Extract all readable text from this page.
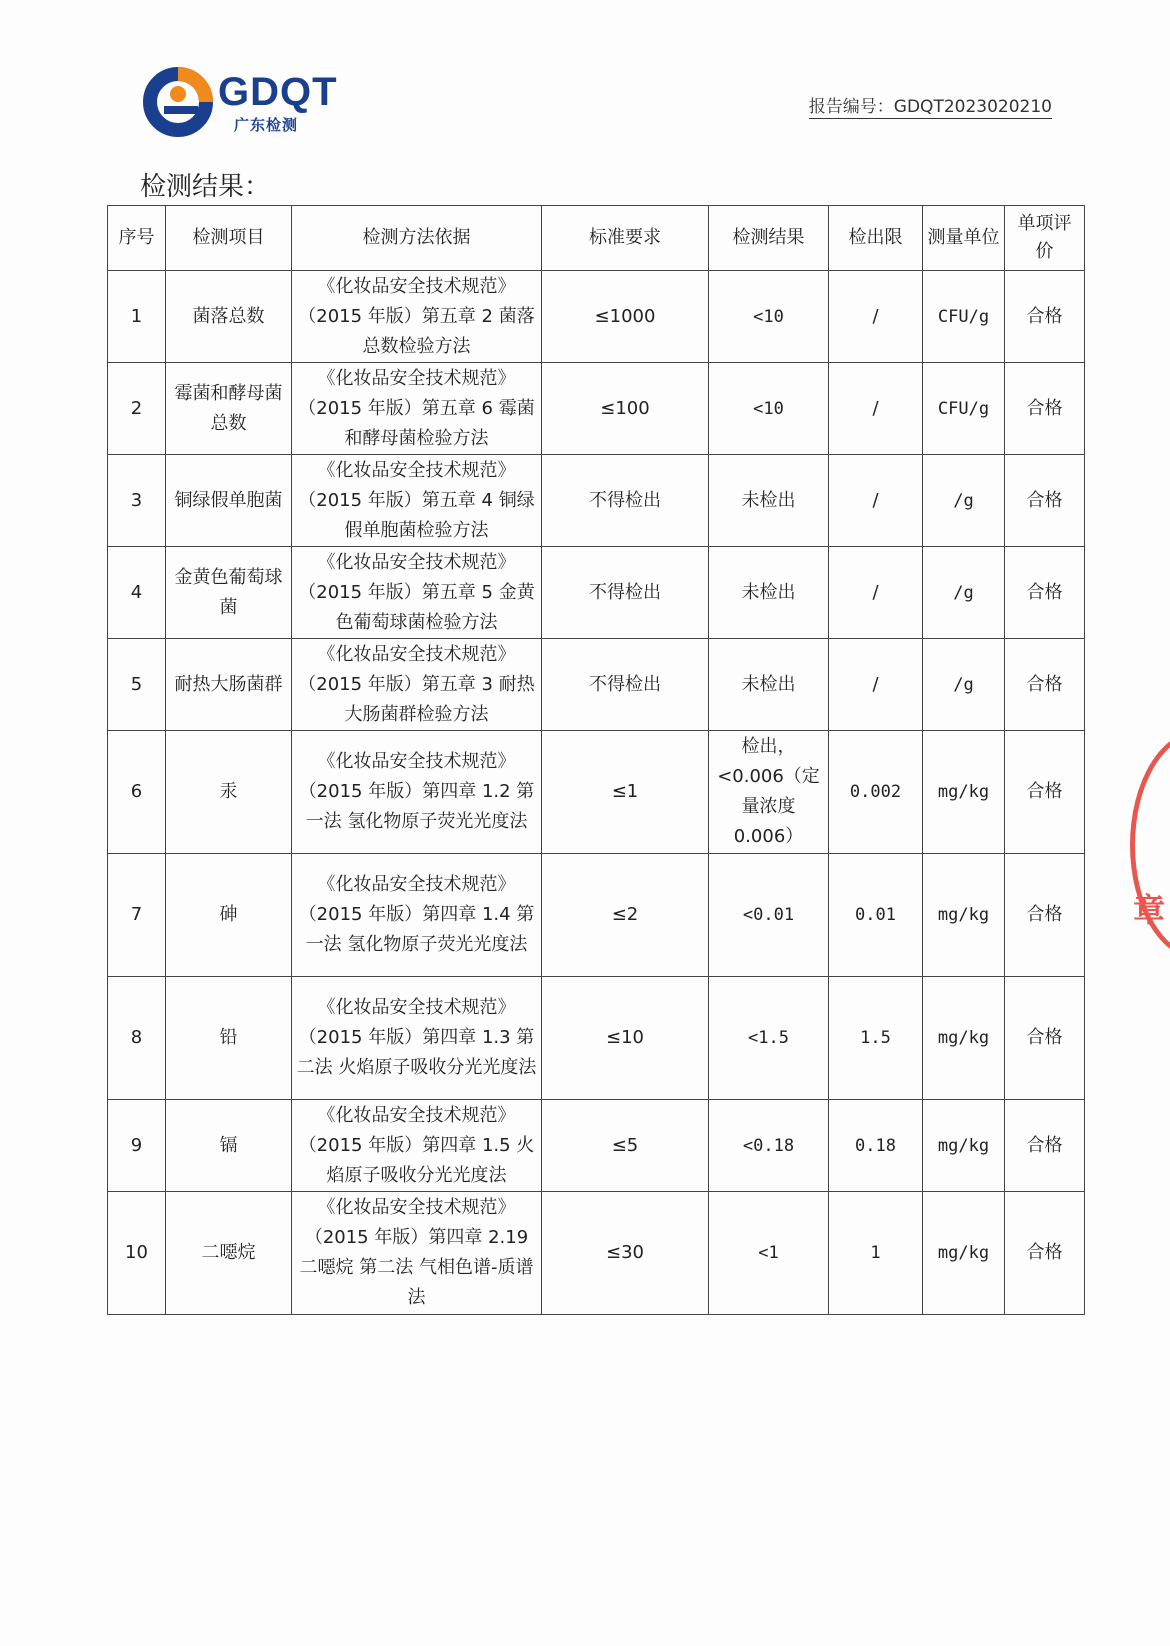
GDQT
广东检测
报告编号：GDQT2023020210
检测结果：
序号	检测项目	检测方法依据	标准要求	检测结果	检出限	测量单位	单项评价
1	菌落总数	《化妆品安全技术规范》（2015 年版）第五章 2 菌落总数检验方法	≤1000	<10	/	CFU/g	合格
2	霉菌和酵母菌总数	《化妆品安全技术规范》（2015 年版）第五章 6 霉菌和酵母菌检验方法	≤100	<10	/	CFU/g	合格
3	铜绿假单胞菌	《化妆品安全技术规范》（2015 年版）第五章 4 铜绿假单胞菌检验方法	不得检出	未检出	/	/g	合格
4	金黄色葡萄球菌	《化妆品安全技术规范》（2015 年版）第五章 5 金黄色葡萄球菌检验方法	不得检出	未检出	/	/g	合格
5	耐热大肠菌群	《化妆品安全技术规范》（2015 年版）第五章 3 耐热大肠菌群检验方法	不得检出	未检出	/	/g	合格
6	汞	《化妆品安全技术规范》（2015 年版）第四章 1.2 第一法 氢化物原子荧光光度法	≤1	检出，<0.006（定量浓度 0.006）	0.002	mg/kg	合格
7	砷	《化妆品安全技术规范》（2015 年版）第四章 1.4 第一法 氢化物原子荧光光度法	≤2	<0.01	0.01	mg/kg	合格
8	铅	《化妆品安全技术规范》（2015 年版）第四章 1.3 第二法 火焰原子吸收分光光度法	≤10	<1.5	1.5	mg/kg	合格
9	镉	《化妆品安全技术规范》（2015 年版）第四章 1.5 火焰原子吸收分光光度法	≤5	<0.18	0.18	mg/kg	合格
10	二噁烷	《化妆品安全技术规范》（2015 年版）第四章 2.19 二噁烷 第二法 气相色谱-质谱法	≤30	<1	1	mg/kg	合格
章
